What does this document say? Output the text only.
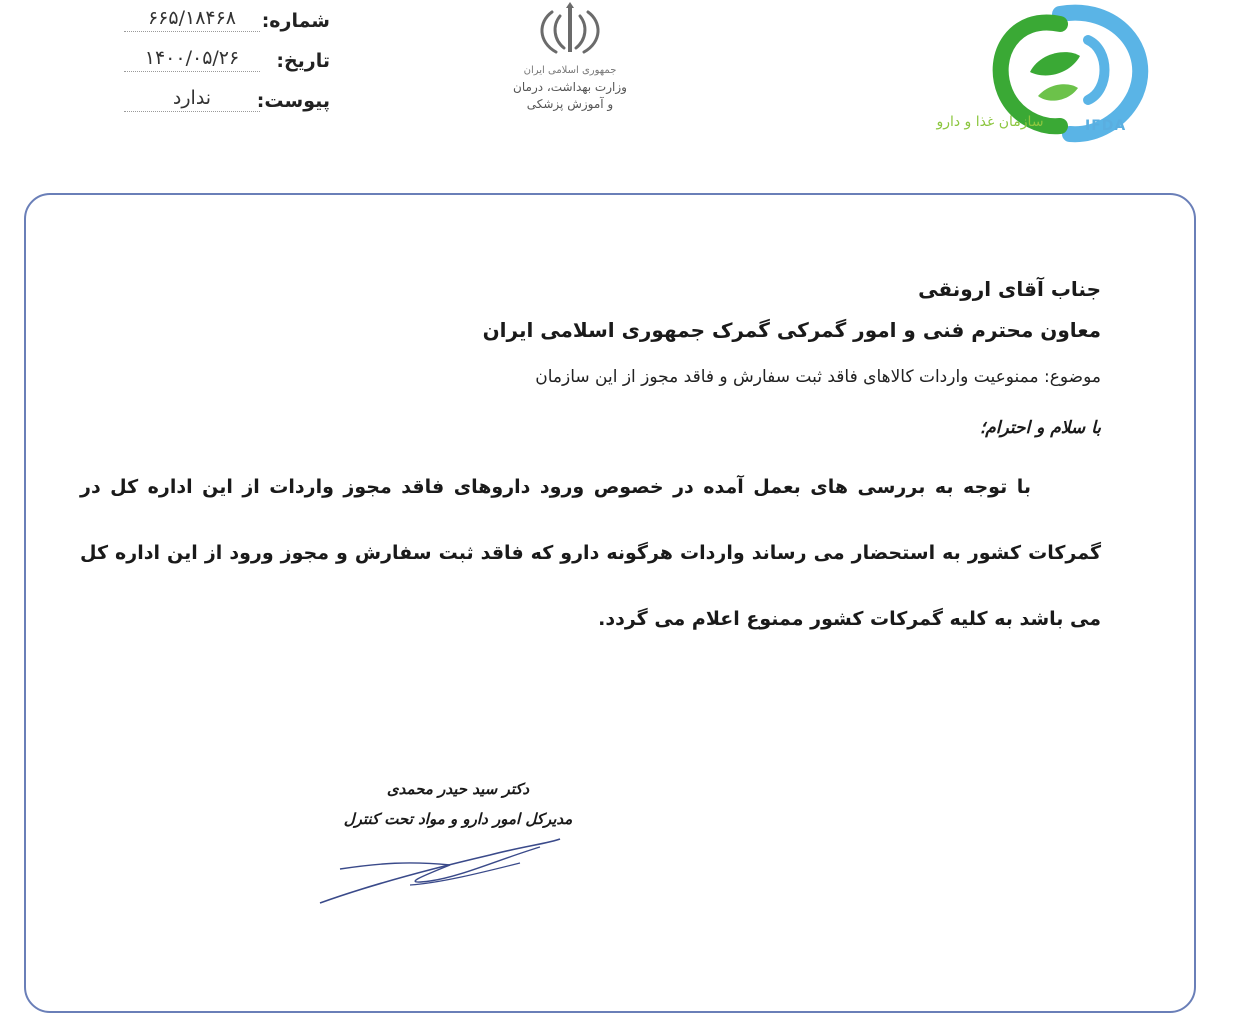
شماره:
۶۶۵/۱۸۴۶۸
تاریخ:
۱۴۰۰/۰۵/۲۶
پیوست:
ندارد
جمهوری اسلامی ایران
وزارت بهداشت، درمان
و آموزش پزشکی
IFDA
سازمان غذا و دارو

جناب آقای ارونقی

معاون محترم فنی و امور گمرکی گمرک جمهوری اسلامی ایران

موضوع: ممنوعیت واردات کالاهای فاقد ثبت سفارش و فاقد مجوز از این سازمان

با سلام و احترام؛

با توجه به بررسی های بعمل آمده در خصوص ورود داروهای فاقد مجوز واردات از این اداره کل در گمرکات کشور به استحضار می رساند واردات هرگونه دارو که فاقد ثبت سفارش و مجوز ورود از این اداره کل می باشد به کلیه گمرکات کشور ممنوع اعلام می گردد.

دکتر سید حیدر محمدی

مدیرکل امور دارو و مواد تحت کنترل
